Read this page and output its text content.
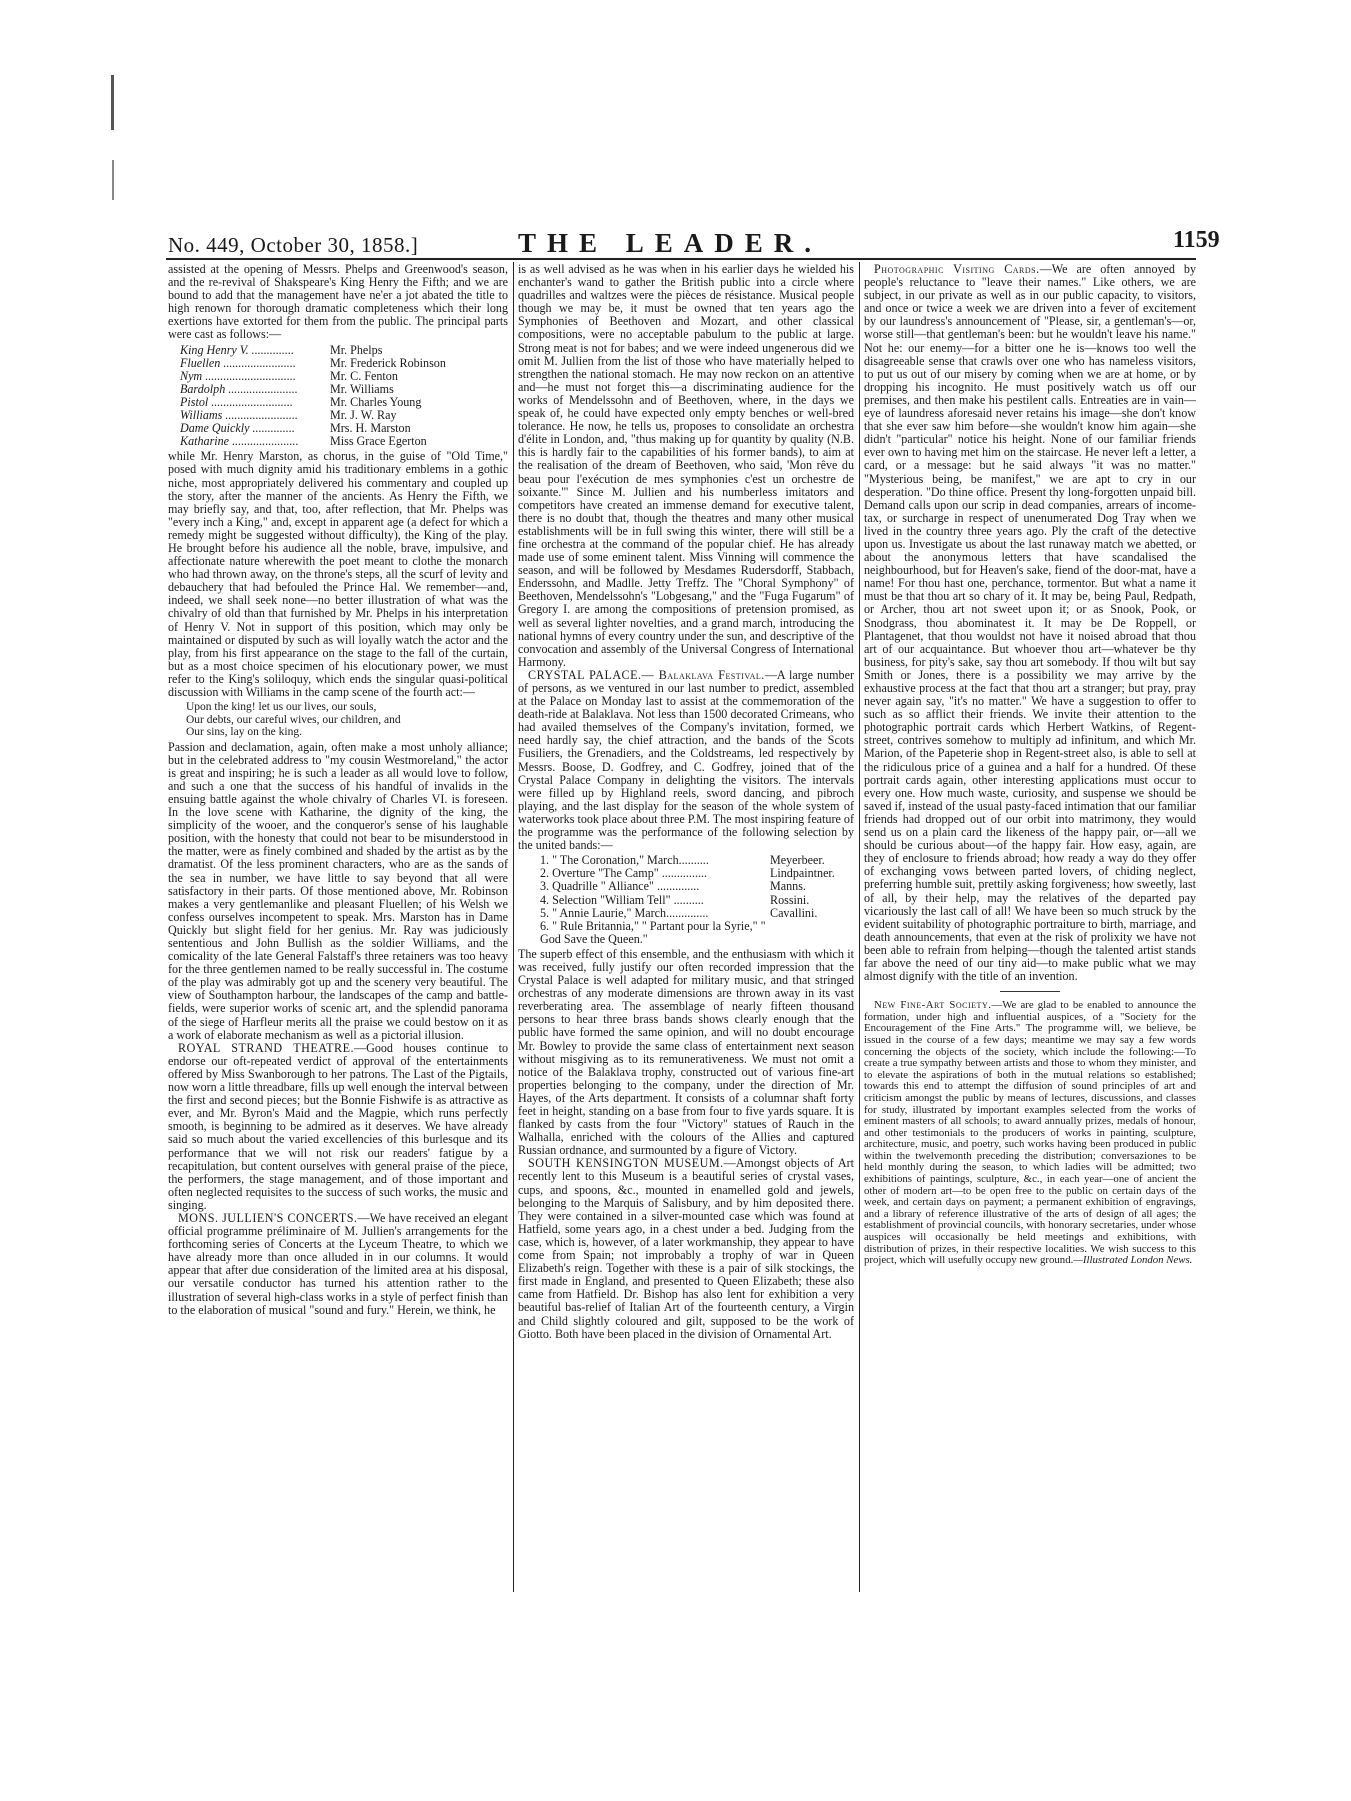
No. 449, October 30, 1858.]	THE LEADER.	1159

assisted at the opening of Messrs. Phelps and Greenwood's season, and the re-revival of Shakspeare's King Henry the Fifth; and we are bound to add that the management have ne'er a jot abated the title to high renown for thorough dramatic completeness which their long exertions have extorted for them from the public. The principal parts were cast as follows:—

King Henry V. ..............	Mr. Phelps
Fluellen ........................	Mr. Frederick Robinson
Nym ..............................	Mr. C. Fenton
Bardolph .......................	Mr. Williams
Pistol ...........................	Mr. Charles Young
Williams ........................	Mr. J. W. Ray
Dame Quickly ..............	Mrs. H. Marston
Katharine ......................	Miss Grace Egerton

while Mr. Henry Marston, as chorus, in the guise of "Old Time," posed with much dignity amid his traditionary emblems in a gothic niche, most appropriately delivered his commentary and coupled up the story, after the manner of the ancients. As Henry the Fifth, we may briefly say, and that, too, after reflection, that Mr. Phelps was "every inch a King," and, except in apparent age (a defect for which a remedy might be suggested without difficulty), the King of the play. He brought before his audience all the noble, brave, impulsive, and affectionate nature wherewith the poet meant to clothe the monarch who had thrown away, on the throne's steps, all the scurf of levity and debauchery that had befouled the Prince Hal. We remember—and, indeed, we shall seek none—no better illustration of what was the chivalry of old than that furnished by Mr. Phelps in his interpretation of Henry V. Not in support of this position, which may only be maintained or disputed by such as will loyally watch the actor and the play, from his first appearance on the stage to the fall of the curtain, but as a most choice specimen of his elocutionary power, we must refer to the King's soliloquy, which ends the singular quasi-political discussion with Williams in the camp scene of the fourth act:—

Upon the king! let us our lives, our souls,
Our debts, our careful wives, our children, and
Our sins, lay on the king.

Passion and declamation, again, often make a most unholy alliance; but in the celebrated address to "my cousin Westmoreland," the actor is great and inspiring; he is such a leader as all would love to follow, and such a one that the success of his handful of invalids in the ensuing battle against the whole chivalry of Charles VI. is foreseen. In the love scene with Katharine, the dignity of the king, the simplicity of the wooer, and the conqueror's sense of his laughable position, with the honesty that could not bear to be misunderstood in the matter, were as finely combined and shaded by the artist as by the dramatist. Of the less prominent characters, who are as the sands of the sea in number, we have little to say beyond that all were satisfactory in their parts. Of those mentioned above, Mr. Robinson makes a very gentlemanlike and pleasant Fluellen; of his Welsh we confess ourselves incompetent to speak. Mrs. Marston has in Dame Quickly but slight field for her genius. Mr. Ray was judiciously sententious and John Bullish as the soldier Williams, and the comicality of the late General Falstaff's three retainers was too heavy for the three gentlemen named to be really successful in. The costume of the play was admirably got up and the scenery very beautiful. The view of Southampton harbour, the landscapes of the camp and battle-fields, were superior works of scenic art, and the splendid panorama of the siege of Harfleur merits all the praise we could bestow on it as a work of elaborate mechanism as well as a pictorial illusion.

ROYAL STRAND THEATRE.—Good houses continue to endorse our oft-repeated verdict of approval of the entertainments offered by Miss Swanborough to her patrons. The Last of the Pigtails, now worn a little threadbare, fills up well enough the interval between the first and second pieces; but the Bonnie Fishwife is as attractive as ever, and Mr. Byron's Maid and the Magpie, which runs perfectly smooth, is beginning to be admired as it deserves. We have already said so much about the varied excellencies of this burlesque and its performance that we will not risk our readers' fatigue by a recapitulation, but content ourselves with general praise of the piece, the performers, the stage management, and of those important and often neglected requisites to the success of such works, the music and singing.

MONS. JULLIEN'S CONCERTS.—We have received an elegant official programme préliminaire of M. Jullien's arrangements for the forthcoming series of Concerts at the Lyceum Theatre, to which we have already more than once alluded in in our columns. It would appear that after due consideration of the limited area at his disposal, our versatile conductor has turned his attention rather to the illustration of several high-class works in a style of perfect finish than to the elaboration of musical "sound and fury." Herein, we think, he

is as well advised as he was when in his earlier days he wielded his enchanter's wand to gather the British public into a circle where quadrilles and waltzes were the pièces de résistance. Musical people though we may be, it must be owned that ten years ago the Symphonies of Beethoven and Mozart, and other classical compositions, were no acceptable pabulum to the public at large. Strong meat is not for babes; and we were indeed ungenerous did we omit M. Jullien from the list of those who have materially helped to strengthen the national stomach. He may now reckon on an attentive and—he must not forget this—a discriminating audience for the works of Mendelssohn and of Beethoven, where, in the days we speak of, he could have expected only empty benches or well-bred tolerance. He now, he tells us, proposes to consolidate an orchestra d'élite in London, and, "thus making up for quantity by quality (N.B. this is hardly fair to the capabilities of his former bands), to aim at the realisation of the dream of Beethoven, who said, 'Mon rêve du beau pour l'exécution de mes symphonies c'est un orchestre de soixante.'" Since M. Jullien and his numberless imitators and competitors have created an immense demand for executive talent, there is no doubt that, though the theatres and many other musical establishments will be in full swing this winter, there will still be a fine orchestra at the command of the popular chief. He has already made use of some eminent talent. Miss Vinning will commence the season, and will be followed by Mesdames Rudersdorff, Stabbach, Enderssohn, and Madlle. Jetty Treffz. The "Choral Symphony" of Beethoven, Mendelssohn's "Lobgesang," and the "Fuga Fugarum" of Gregory I. are among the compositions of pretension promised, as well as several lighter novelties, and a grand march, introducing the national hymns of every country under the sun, and descriptive of the convocation and assembly of the Universal Congress of International Harmony.

CRYSTAL PALACE.— Balaklava Festival.—A large number of persons, as we ventured in our last number to predict, assembled at the Palace on Monday last to assist at the commemoration of the death-ride at Balaklava. Not less than 1500 decorated Crimeans, who had availed themselves of the Company's invitation, formed, we need hardly say, the chief attraction, and the bands of the Scots Fusiliers, the Grenadiers, and the Coldstreams, led respectively by Messrs. Boose, D. Godfrey, and C. Godfrey, joined that of the Crystal Palace Company in delighting the visitors. The intervals were filled up by Highland reels, sword dancing, and pibroch playing, and the last display for the season of the whole system of waterworks took place about three P.M. The most inspiring feature of the programme was the performance of the following selection by the united bands:—

1. " The Coronation," March..........	Meyerbeer.
2. Overture "The Camp" ...............	Lindpaintner.
3. Quadrille " Alliance" ..............	Manns.
4. Selection "William Tell" ..........	Rossini.
5. " Annie Laurie," March..............	Cavallini.
6. " Rule Britannia," " Partant pour la Syrie," " God Save the Queen."

The superb effect of this ensemble, and the enthusiasm with which it was received, fully justify our often recorded impression that the Crystal Palace is well adapted for military music, and that stringed orchestras of any moderate dimensions are thrown away in its vast reverberating area. The assemblage of nearly fifteen thousand persons to hear three brass bands shows clearly enough that the public have formed the same opinion, and will no doubt encourage Mr. Bowley to provide the same class of entertainment next season without misgiving as to its remunerativeness. We must not omit a notice of the Balaklava trophy, constructed out of various fine-art properties belonging to the company, under the direction of Mr. Hayes, of the Arts department. It consists of a columnar shaft forty feet in height, standing on a base from four to five yards square. It is flanked by casts from the four "Victory" statues of Rauch in the Walhalla, enriched with the colours of the Allies and captured Russian ordnance, and surmounted by a figure of Victory.

SOUTH KENSINGTON MUSEUM.—Amongst objects of Art recently lent to this Museum is a beautiful series of crystal vases, cups, and spoons, &c., mounted in enamelled gold and jewels, belonging to the Marquis of Salisbury, and by him deposited there. They were contained in a silver-mounted case which was found at Hatfield, some years ago, in a chest under a bed. Judging from the case, which is, however, of a later workmanship, they appear to have come from Spain; not improbably a trophy of war in Queen Elizabeth's reign. Together with these is a pair of silk stockings, the first made in England, and presented to Queen Elizabeth; these also came from Hatfield. Dr. Bishop has also lent for exhibition a very beautiful bas-relief of Italian Art of the fourteenth century, a Virgin and Child slightly coloured and gilt, supposed to be the work of Giotto. Both have been placed in the division of Ornamental Art.

Photographic Visiting Cards.—We are often annoyed by people's reluctance to "leave their names." Like others, we are subject, in our private as well as in our public capacity, to visitors, and once or twice a week we are driven into a fever of excitement by our laundress's announcement of "Please, sir, a gentleman's—or, worse still—that gentleman's been: but he wouldn't leave his name." Not he: our enemy—for a bitter one he is—knows too well the disagreeable sense that crawls over one who has nameless visitors, to put us out of our misery by coming when we are at home, or by dropping his incognito. He must positively watch us off our premises, and then make his pestilent calls. Entreaties are in vain—eye of laundress aforesaid never retains his image—she don't know that she ever saw him before—she wouldn't know him again—she didn't "particular" notice his height. None of our familiar friends ever own to having met him on the staircase. He never left a letter, a card, or a message: but he said always "it was no matter." "Mysterious being, be manifest," we are apt to cry in our desperation. "Do thine office. Present thy long-forgotten unpaid bill. Demand calls upon our scrip in dead companies, arrears of income-tax, or surcharge in respect of unenumerated Dog Tray when we lived in the country three years ago. Ply the craft of the detective upon us. Investigate us about the last runaway match we abetted, or about the anonymous letters that have scandalised the neighbourhood, but for Heaven's sake, fiend of the door-mat, have a name! For thou hast one, perchance, tormentor. But what a name it must be that thou art so chary of it. It may be, being Paul, Redpath, or Archer, thou art not sweet upon it; or as Snook, Pook, or Snodgrass, thou abominatest it. It may be De Roppell, or Plantagenet, that thou wouldst not have it noised abroad that thou art of our acquaintance. But whoever thou art—whatever be thy business, for pity's sake, say thou art somebody. If thou wilt but say Smith or Jones, there is a possibility we may arrive by the exhaustive process at the fact that thou art a stranger; but pray, pray never again say, "it's no matter." We have a suggestion to offer to such as so afflict their friends. We invite their attention to the photographic portrait cards which Herbert Watkins, of Regent-street, contrives somehow to multiply ad infinitum, and which Mr. Marion, of the Papeterie shop in Regent-street also, is able to sell at the ridiculous price of a guinea and a half for a hundred. Of these portrait cards again, other interesting applications must occur to every one. How much waste, curiosity, and suspense we should be saved if, instead of the usual pasty-faced intimation that our familiar friends had dropped out of our orbit into matrimony, they would send us on a plain card the likeness of the happy pair, or—all we should be curious about—of the happy fair. How easy, again, are they of enclosure to friends abroad; how ready a way do they offer of exchanging vows between parted lovers, of chiding neglect, preferring humble suit, prettily asking forgiveness; how sweetly, last of all, by their help, may the relatives of the departed pay vicariously the last call of all! We have been so much struck by the evident suitability of photographic portraiture to birth, marriage, and death announcements, that even at the risk of prolixity we have not been able to refrain from helping—though the talented artist stands far above the need of our tiny aid—to make public what we may almost dignify with the title of an invention.

New Fine-Art Society.—We are glad to be enabled to announce the formation, under high and influential auspices, of a "Society for the Encouragement of the Fine Arts." The programme will, we believe, be issued in the course of a few days; meantime we may say a few words concerning the objects of the society, which include the following:—To create a true sympathy between artists and those to whom they minister, and to elevate the aspirations of both in the mutual relations so established; towards this end to attempt the diffusion of sound principles of art and criticism amongst the public by means of lectures, discussions, and classes for study, illustrated by important examples selected from the works of eminent masters of all schools; to award annually prizes, medals of honour, and other testimonials to the producers of works in painting, sculpture, architecture, music, and poetry, such works having been produced in public within the twelvemonth preceding the distribution; conversaziones to be held monthly during the season, to which ladies will be admitted; two exhibitions of paintings, sculpture, &c., in each year—one of ancient the other of modern art—to be open free to the public on certain days of the week, and certain days on payment; a permanent exhibition of engravings, and a library of reference illustrative of the arts of design of all ages; the establishment of provincial councils, with honorary secretaries, under whose auspices will occasionally be held meetings and exhibitions, with distribution of prizes, in their respective localities. We wish success to this project, which will usefully occupy new ground.—Illustrated London News.
